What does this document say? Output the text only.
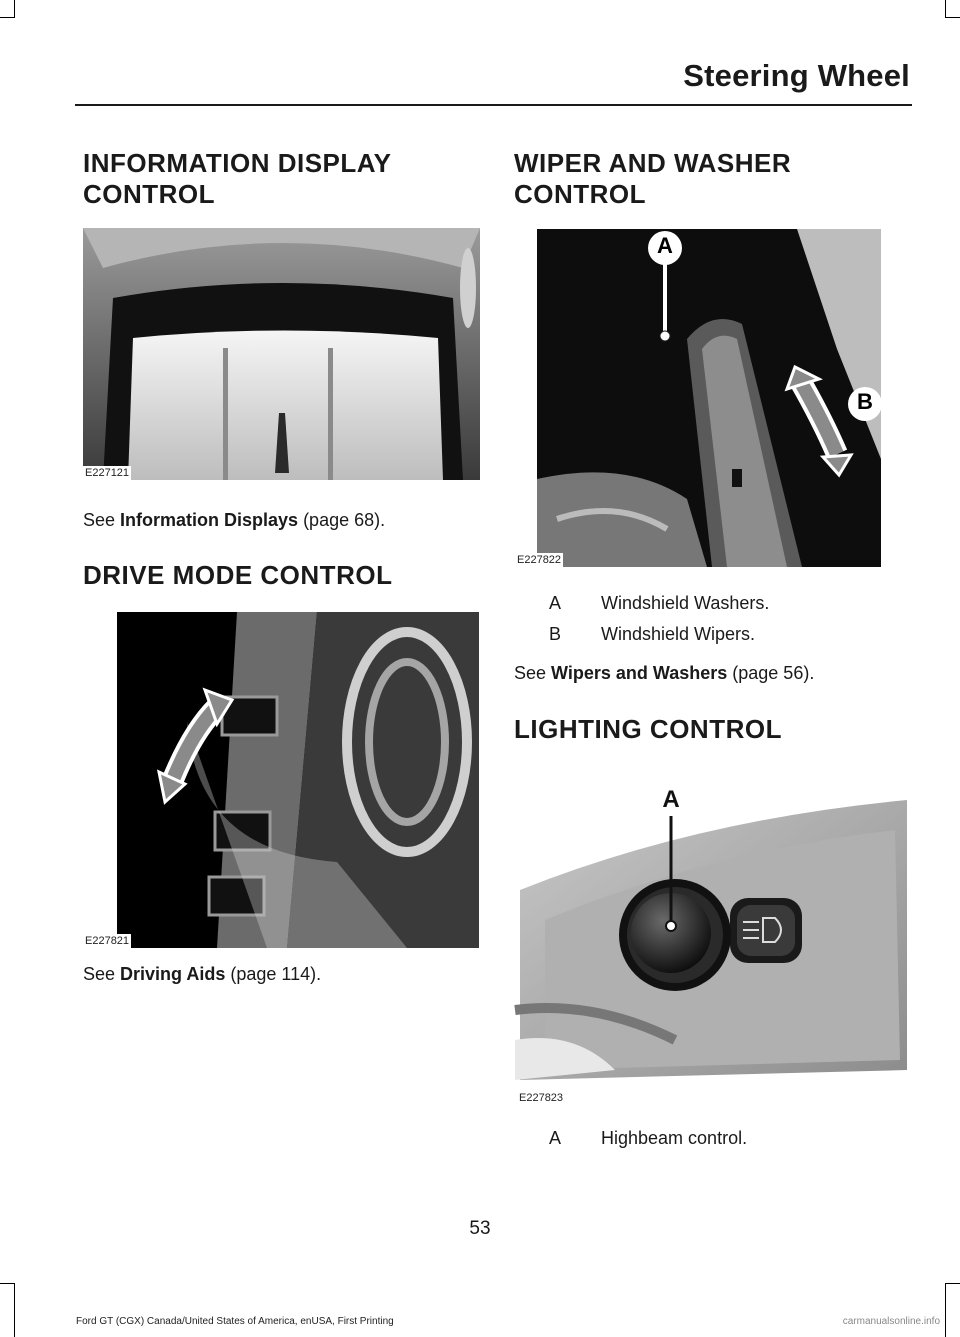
Steering Wheel
INFORMATION DISPLAY
CONTROL
E227121
See Information Displays (page 68).
DRIVE MODE CONTROL
E227821
See Driving Aids (page 114).
WIPER AND WASHER
CONTROL
A
B
E227822
A Windshield Washers.
B Windshield Wipers.
See Wipers and Washers (page 56).
LIGHTING CONTROL
A
E227823
A Highbeam control.
53
Ford GT (CGX) Canada/United States of America, enUSA, First Printing	carmanualsonline.info
